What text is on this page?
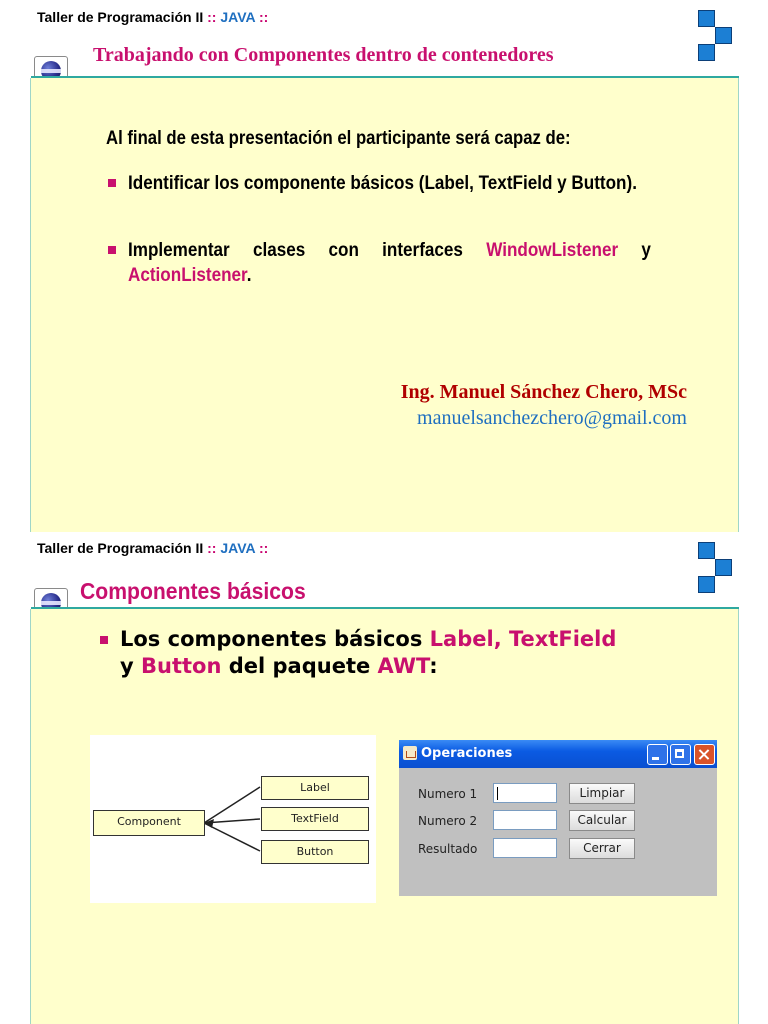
Taller de Programación II :: JAVA ::
Trabajando con Componentes dentro de contenedores
Al final de esta presentación el participante será capaz de:
Identificar los componente básicos (Label, TextField y Button).
Implementar clases con interfaces WindowListener y ActionListener.
Ing. Manuel Sánchez Chero, MSc
manuelsanchezchero@gmail.com
Taller de Programación II :: JAVA ::
Componentes básicos
Los componentes básicos Label, TextField
y Button del paquete AWT:
Component
Label
TextField
Button
Operaciones
Numero 1	Limpiar
Numero 2	Calcular
Resultado	Cerrar
